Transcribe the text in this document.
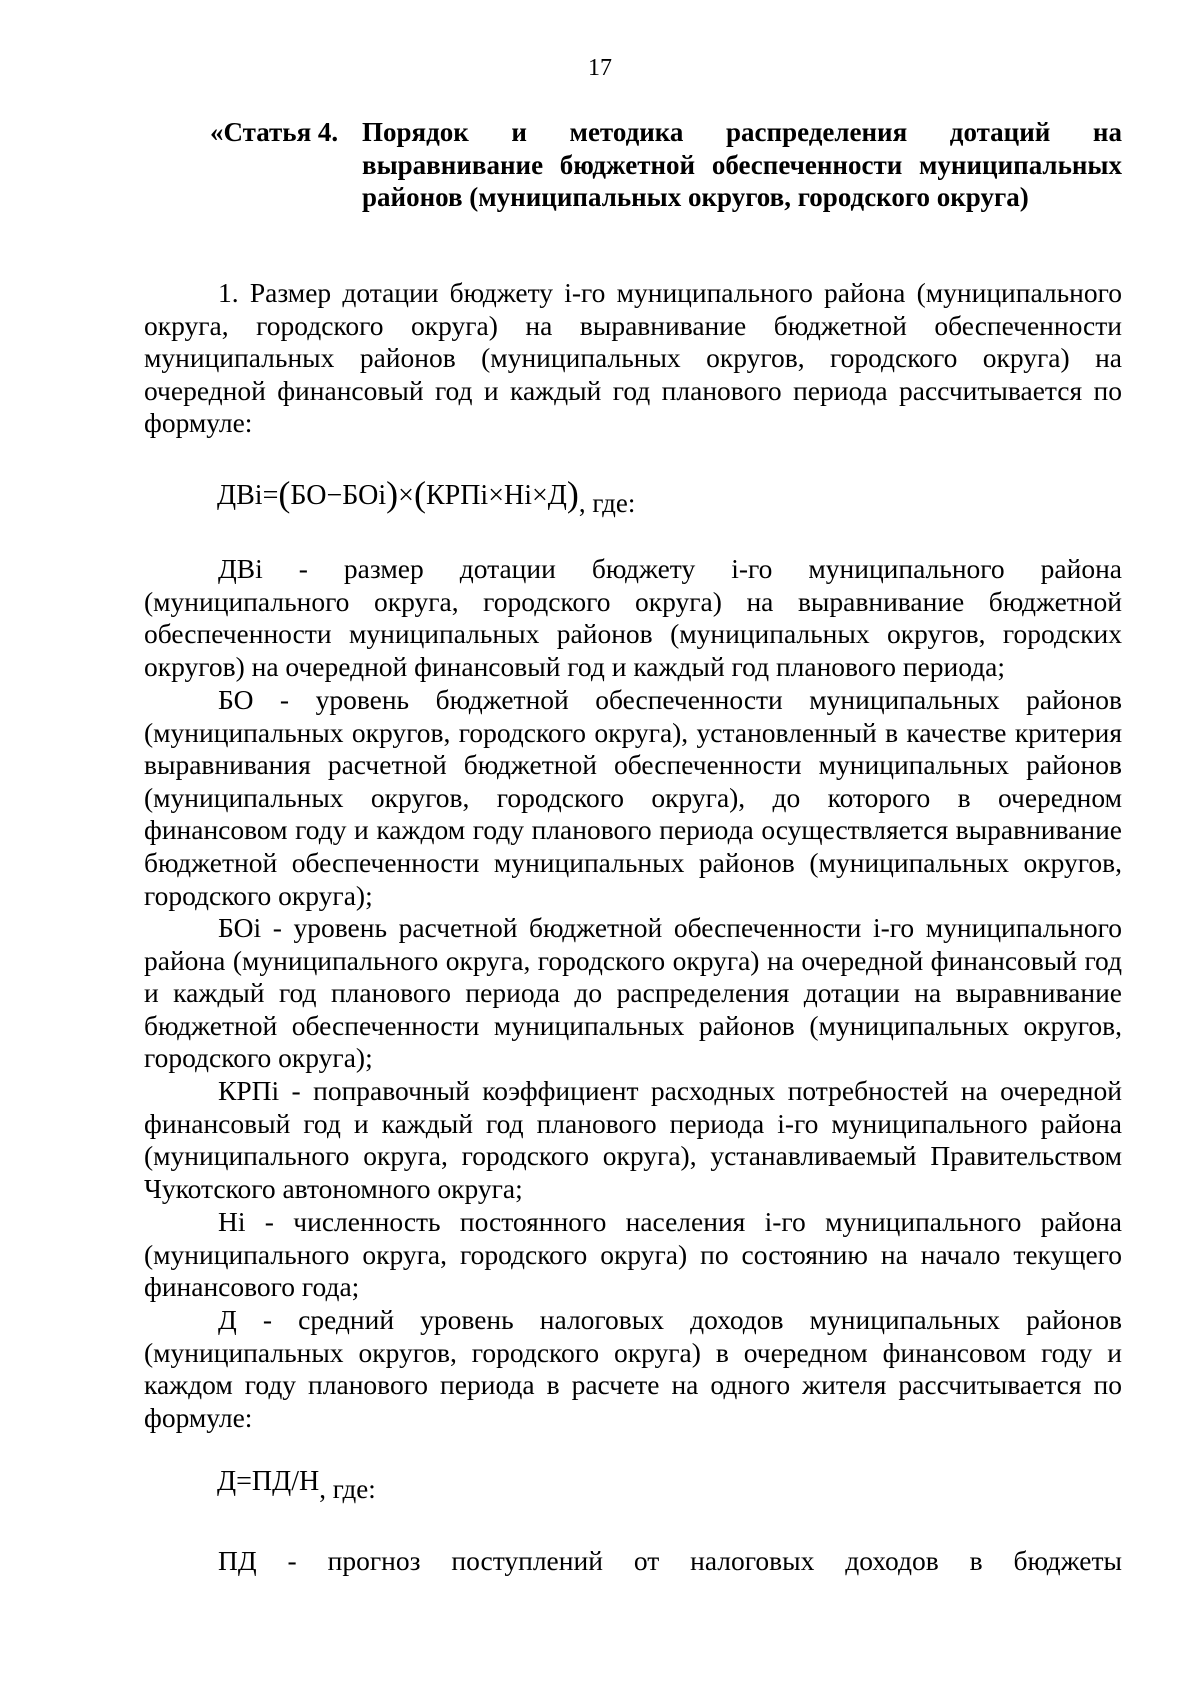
17
«Статья 4. Порядок и методика распределения дотаций на выравнивание бюджетной обеспеченности муниципальных районов (муниципальных округов, городского округа)

1. Размер дотации бюджету i-го муниципального района (муниципального округа, городского округа) на выравнивание бюджетной обеспеченности муниципальных районов (муниципальных округов, городского округа) на очередной финансовый год и каждый год планового периода рассчитывается по формуле:

ДВi=(БО−БОi)×(КРПi×Нi×Д), где:

ДВi - размер дотации бюджету i-го муниципального района (муниципального округа, городского округа) на выравнивание бюджетной обеспеченности муниципальных районов (муниципальных округов, городских округов) на очередной финансовый год и каждый год планового периода;

БО - уровень бюджетной обеспеченности муниципальных районов (муниципальных округов, городского округа), установленный в качестве критерия выравнивания расчетной бюджетной обеспеченности муниципальных районов (муниципальных округов, городского округа), до которого в очередном финансовом году и каждом году планового периода осуществляется выравнивание бюджетной обеспеченности муниципальных районов (муниципальных округов, городского округа);

БОi - уровень расчетной бюджетной обеспеченности i-го муниципального района (муниципального округа, городского округа) на очередной финансовый год и каждый год планового периода до распределения дотации на выравнивание бюджетной обеспеченности муниципальных районов (муниципальных округов, городского округа);

КРПi - поправочный коэффициент расходных потребностей на очередной финансовый год и каждый год планового периода i-го муниципального района (муниципального округа, городского округа), устанавливаемый Правительством Чукотского автономного округа;

Нi - численность постоянного населения i-го муниципального района (муниципального округа, городского округа) по состоянию на начало текущего финансового года;

Д - средний уровень налоговых доходов муниципальных районов (муниципальных округов, городского округа) в очередном финансовом году и каждом году планового периода в расчете на одного жителя рассчитывается по формуле:

Д=ПД/Н, где:

ПД - прогноз поступлений от налоговых доходов в бюджеты
